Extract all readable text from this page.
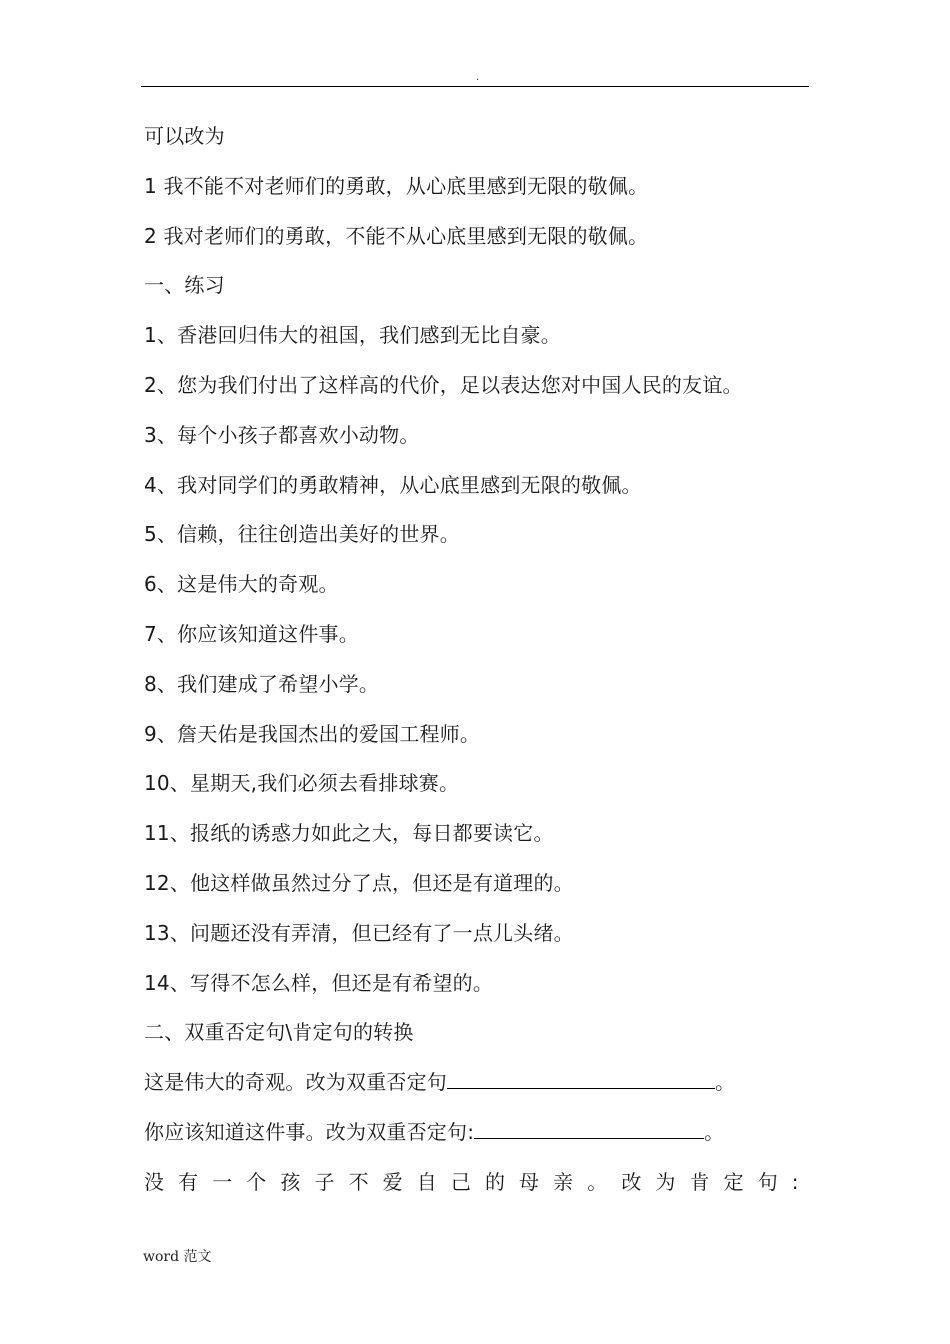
.
可以改为
1 我不能不对老师们的勇敢，从心底里感到无限的敬佩。
2 我对老师们的勇敢，不能不从心底里感到无限的敬佩。
一、练习
1、香港回归伟大的祖国，我们感到无比自豪。
2、您为我们付出了这样高的代价，足以表达您对中国人民的友谊。
3、每个小孩子都喜欢小动物。
4、我对同学们的勇敢精神，从心底里感到无限的敬佩。
5、信赖，往往创造出美好的世界。
6、这是伟大的奇观。
7、你应该知道这件事。
8、我们建成了希望小学。
9、詹天佑是我国杰出的爱国工程师。
10、星期天,我们必须去看排球赛。
11、报纸的诱惑力如此之大，每日都要读它。
12、他这样做虽然过分了点，但还是有道理的。
13、问题还没有弄清，但已经有了一点儿头绪。
14、写得不怎么样，但还是有希望的。
二、双重否定句\肯定句的转换
这是伟大的奇观。改为双重否定句	。
你应该知道这件事。改为双重否定句:	。
没 有 一 个 孩 子 不 爱 自 己 的 母 亲 。 改 为 肯 定 句 :
word 范文
